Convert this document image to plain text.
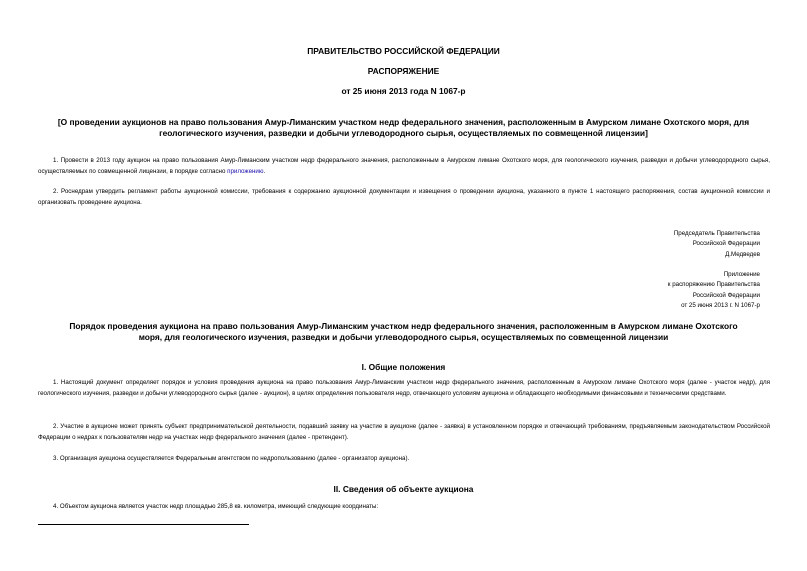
ПРАВИТЕЛЬСТВО РОССИЙСКОЙ ФЕДЕРАЦИИ
РАСПОРЯЖЕНИЕ
от 25 июня 2013 года N 1067-р
[О проведении аукционов на право пользования Амур-Лиманским участком недр федерального значения, расположенным в Амурском лимане Охотского моря, для
геологического изучения, разведки и добычи углеводородного сырья, осуществляемых по совмещенной лицензии]
1. Провести в 2013 году аукцион на право пользования Амур-Лиманским участком недр федерального значения, расположенным в Амурском лимане Охотского моря, для геологического изучения, разведки и добычи углеводородного сырья, осуществляемых по совмещенной лицензии, в порядке согласно приложению.
2. Роснедрам утвердить регламент работы аукционной комиссии, требования к содержанию аукционной документации и извещения о проведении аукциона, указанного в пункте 1 настоящего распоряжения, состав аукционной комиссии и организовать проведение аукциона.
Председатель Правительства
Российской Федерации
Д.Медведев
Приложение
к распоряжению Правительства
Российской Федерации
от 25 июня 2013 г. N 1067-р
Порядок проведения аукциона на право пользования Амур-Лиманским участком недр федерального значения, расположенным в Амурском лимане Охотского
моря, для геологического изучения, разведки и добычи углеводородного сырья, осуществляемых по совмещенной лицензии
I. Общие положения
1. Настоящий документ определяет порядок и условия проведения аукциона на право пользования Амур-Лиманским участком недр федерального значения, расположенным в Амурском лимане Охотского моря (далее - участок недр), для геологического изучения, разведки и добычи углеводородного сырья (далее - аукцион), в целях определения пользователя недр, отвечающего условиям аукциона и обладающего необходимыми финансовыми и техническими средствами.
2. Участие в аукционе может принять субъект предпринимательской деятельности, подавший заявку на участие в аукционе (далее - заявка) в установленном порядке и отвечающий требованиям, предъявляемым законодательством Российской Федерации о недрах к пользователям недр на участках недр федерального значения (далее - претендент).
3. Организация аукциона осуществляется Федеральным агентством по недропользованию (далее - организатор аукциона).
II. Сведения об объекте аукциона
4. Объектом аукциона является участок недр площадью 285,8 кв. километра, имеющий следующие координаты:
